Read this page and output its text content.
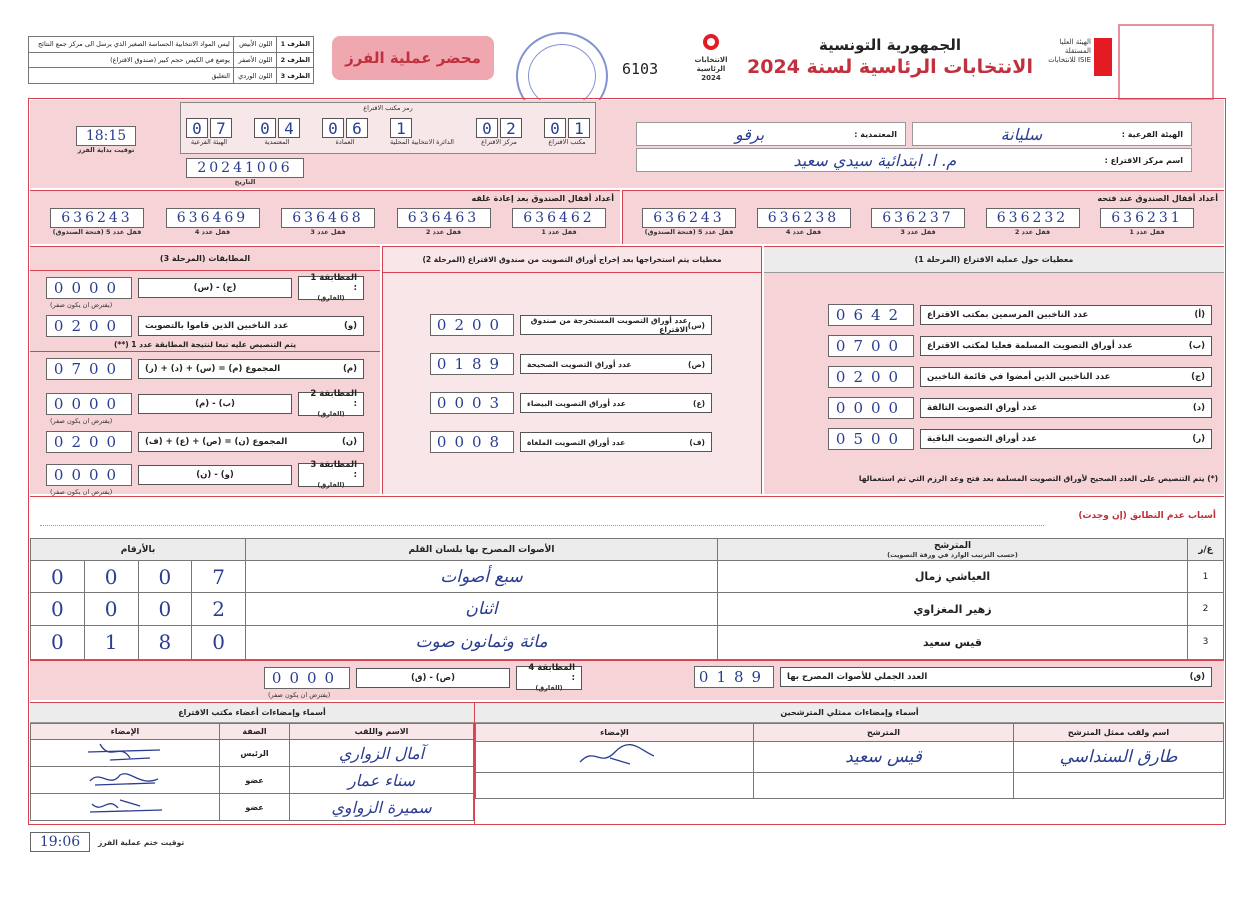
الظرف 1	اللون الأبيض	ليس المواد الانتخابية الحساسة الصغير الذي يرسل الى مركز جمع النتائج
الظرف 2	اللون الأصفر	يوضع في الكيس حجم كبير (صندوق الاقتراع)
الظرف 3	اللون الوردي	التعليق
محضر عملية الفرز
6103	الانتخابات الرئاسية 2024
الجمهورية التونسية
الانتخابات الرئاسية لسنة 2024
الهيئة العليا المستقلة للانتخابات ISIE
رمز مكتب الاقتراع
0 7
الهيئة الفرعية
0 4
المعتمدية
0 6
العمادة
1
الدائرة الانتخابية المحلية
0 2
مركز الاقتراع
0 1
مكتب الاقتراع
18:15
توقيت بداية الفرز
20241006
التاريخ
الهيئة الفرعية :
سليانة
المعتمدية :
برقو
اسم مركز الاقتراع :
م. ا. ابتدائية سيدي سعيد
أعداد أقفال الصندوق بعد إعادة غلقه	أعداد أقفال الصندوق عند فتحه
636243
قفل عدد 5 (فتحة الصندوق)
636469
قفل عدد 4
636468
قفل عدد 3
636463
قفل عدد 2
636462
قفل عدد 1
636243
قفل عدد 5 (فتحة الصندوق)
636238
قفل عدد 4
636237
قفل عدد 3
636232
قفل عدد 2
636231
قفل عدد 1
(المرحلة 1) معطيات حول عملية الاقتراع
0642	(أ)
عدد الناخبين المرسمين بمكتب الاقتراع
0700	(ب)
عدد أوراق التصويت المسلمة فعليا لمكتب الاقتراع
0200	(ج)
عدد الناخبين الذين أمضوا في قائمة الناخبين
0000	(د)
عدد أوراق التصويت التالفة
0500	(ر)
عدد أوراق التصويت الباقية
(*) يتم التنصيص على العدد الصحيح لأوراق التصويت المسلمة بعد فتح وعد الرزم التي تم استعمالها
(المرحلة 2) معطيات يتم استخراجها بعد إخراج أوراق التصويت من صندوق الاقتراع
0200	(س)
عدد أوراق التصويت المستخرجة من صندوق الاقتراع
0189	(ص)
عدد أوراق التصويت الصحيحة
0003	(ع)
عدد أوراق التصويت البيضاء
0008	(ف)
عدد أوراق التصويت الملغاة
(المرحلة 3) المطابقات
0000	(ج) - (س)
المطابقة 1 :
(الفارق)
(يفترض ان يكون صفر)
0200	(و)
عدد الناخبين الذين قاموا بالتصويت
(**) يتم التنصيص عليه تبعا لنتيجة المطابقة عدد 1
0700	(م)
المجموع (م) = (س) + (د) + (ر)
0000	(ب) - (م)
المطابقة 2 :
(الفارق)
(يفترض ان يكون صفر)
0200	(ن)
المجموع (ن) = (ص) + (ع) + (ف)
0000	(و) - (ن)
المطابقة 3 :
(الفارق)
(يفترض ان يكون صفر)
أسباب عدم التطابق (إن وجدت)
ع/ر	المترشح
(حسب الترتيب الوارد في ورقة التصويت)	الأصوات المصرح بها بلسان القلم	بالأرقام			
1	العياشي زمال	سبع أصوات	7	0	0	0
2	زهير المغزاوي	اثنان	2	0	0	0
3	قيس سعيد	مائة وثمانون صوت	0	8	1	0
0189	(ق)
العدد الجملي للأصوات المصرح بها
0000	(ص) - (ق)
المطابقة 4 :
(الفارق)
(يفترض ان يكون صفر)
أسماء وإمضاءات ممثلي المترشحين
اسم ولقب ممثل المترشح	المترشح	الإمضاء
طارق السنداسي	قيس سعيد	

أسماء وإمضاءات أعضاء مكتب الاقتراع
الاسم واللقب	الصفة	الإمضاء
آمال الزواري	الرئيس	
سناء عمار	عضو	
سميرة الزواوي	عضو	
19:06	توقيت ختم عملية الفرز
